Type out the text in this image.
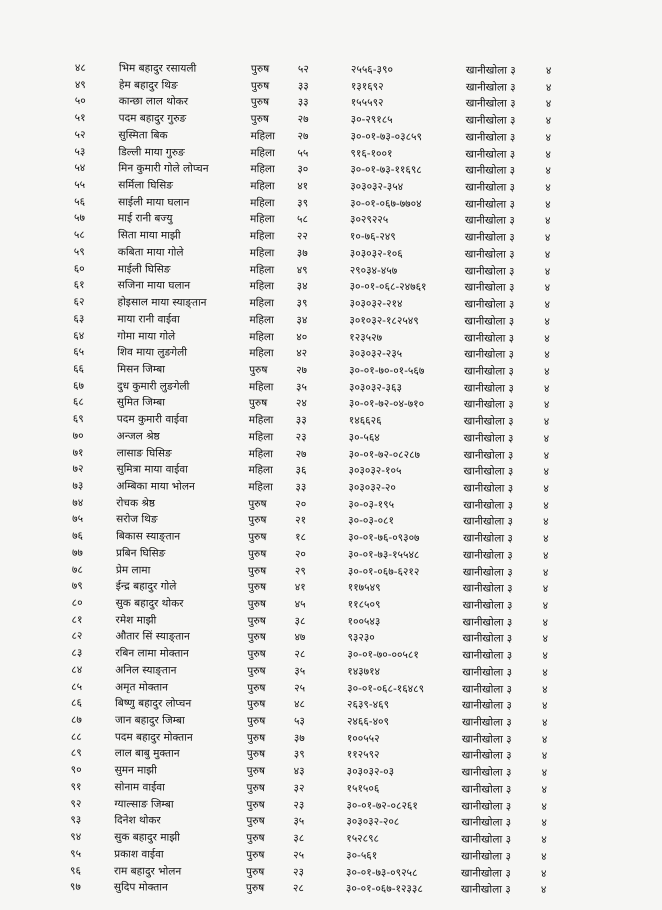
४८	भिम बहादुर रसायली	पुरुष	५२	२५५६-३९०	खानीखोला ३	४
४९	हेम बहादुर थिङ	पुरुष	३३	१३१६९२	खानीखोला ३	४
५०	कान्छा लाल थोकर	पुरुष	३३	१५५५९२	खानीखोला ३	४
५१	पदम बहादुर गुरुङ	पुरुष	२७	३०-२९१८५	खानीखोला ३	४
५२	सुस्मिता बिक	महिला	२७	३०-०१-७३-०३८५९	खानीखोला ३	४
५३	डिल्ली माया गुरुङ	महिला	५५	९१६-१००१	खानीखोला ३	४
५४	मिन कुमारी गोले लोप्चन	महिला	३०	३०-०१-७३-११६९८	खानीखोला ३	४
५५	सर्मिला घिसिङ	महिला	४१	३०३०३२-३५४	खानीखोला ३	४
५६	साईली माया घलान	महिला	३९	३०-०१-०६७-७७०४	खानीखोला ३	४
५७	माई रानी बज्यु	महिला	५८	३०२९२२५	खानीखोला ३	४
५८	सिता माया माझी	महिला	२२	१०-७६-२४९	खानीखोला ३	४
५९	कबिता माया गोले	महिला	३७	३०३०३२-१०६	खानीखोला ३	४
६०	माईली घिसिङ	महिला	४९	२९०३४-४५७	खानीखोला ३	४
६१	सजिना माया घलान	महिला	३४	३०-०१-०६८-२४७६१	खानीखोला ३	४
६२	होइसाल माया स्याङ्तान	महिला	३९	३०३०३२-२१४	खानीखोला ३	४
६३	माया रानी वाईवा	महिला	३४	३०१०३२-१८२५४९	खानीखोला ३	४
६४	गोमा माया गोले	महिला	४०	१२३५२७	खानीखोला ३	४
६५	शिव माया लुङगेली	महिला	४२	३०३०३२-२३५	खानीखोला ३	४
६६	मिसन जिम्बा	पुरुष	२७	३०-०१-७०-०१-५६७	खानीखोला ३	४
६७	दुध कुमारी लुङगेली	महिला	३५	३०३०३२-३६३	खानीखोला ३	४
६८	सुमित जिम्बा	पुरुष	२४	३०-०१-७२-०४-७१०	खानीखोला ३	४
६९	पदम कुमारी वाईवा	महिला	३३	१४६६२६	खानीखोला ३	४
७०	अन्जल श्रेष्ठ	महिला	२३	३०-५६४	खानीखोला ३	४
७१	लासाङ घिसिङ	महिला	२७	३०-०१-७२-०८२८७	खानीखोला ३	४
७२	सुमित्रा माया वाईवा	महिला	३६	३०३०३२-१०५	खानीखोला ३	४
७३	अम्बिका माया भोलन	महिला	३३	३०३०३२-२०	खानीखोला ३	४
७४	रोचक श्रेष्ठ	पुरुष	२०	३०-०३-१९५	खानीखोला ३	४
७५	सरोज थिङ	पुरुष	२१	३०-०३-०८१	खानीखोला ३	४
७६	बिकास स्याङ्तान	पुरुष	१८	३०-०१-७६-०९३०७	खानीखोला ३	४
७७	प्रबिन घिसिङ	पुरुष	२०	३०-०१-७३-१५५४८	खानीखोला ३	४
७८	प्रेम लामा	पुरुष	२९	३०-०१-०६७-६२१२	खानीखोला ३	४
७९	ईन्द्र बहादुर गोले	पुरुष	४१	११७५४९	खानीखोला ३	४
८०	सुक बहादुर थोकर	पुरुष	४५	११८५०९	खानीखोला ३	४
८१	रमेश माझी	पुरुष	३८	१००५४३	खानीखोला ३	४
८२	औतार सिं स्याङ्तान	पुरुष	४७	९३२३०	खानीखोला ३	४
८३	रबिन लामा मोक्तान	पुरुष	२८	३०-०१-७०-००५८१	खानीखोला ३	४
८४	अनिल स्याङ्तान	पुरुष	३५	१४३७१४	खानीखोला ३	४
८५	अमृत मोक्तान	पुरुष	२५	३०-०१-०६८-१६४८९	खानीखोला ३	४
८६	बिष्णु बहादुर लोप्चन	पुरुष	४८	२६३९-४६९	खानीखोला ३	४
८७	जान बहादुर जिम्बा	पुरुष	५३	२४६६-४०९	खानीखोला ३	४
८८	पदम बहादुर मोक्तान	पुरुष	३७	१००५५२	खानीखोला ३	४
८९	लाल बाबु मुक्तान	पुरुष	३९	११२५९२	खानीखोला ३	४
९०	सुमन माझी	पुरुष	४३	३०३०३२-०३	खानीखोला ३	४
९१	सोनाम वाईवा	पुरुष	३२	१५१५०६	खानीखोला ३	४
९२	ग्याल्साङ जिम्बा	पुरुष	२३	३०-०१-७२-०८२६१	खानीखोला ३	४
९३	दिनेश थोकर	पुरुष	३५	३०३०३२-२०८	खानीखोला ३	४
९४	सुक बहादुर माझी	पुरुष	३८	१५२८९८	खानीखोला ३	४
९५	प्रकाश वाईवा	पुरुष	२५	३०-५६१	खानीखोला ३	४
९६	राम बहादुर भोलन	पुरुष	२३	३०-०१-७३-०९२५८	खानीखोला ३	४
९७	सुदिप मोक्तान	पुरुष	२८	३०-०१-०६७-१२३३८	खानीखोला ३	४
